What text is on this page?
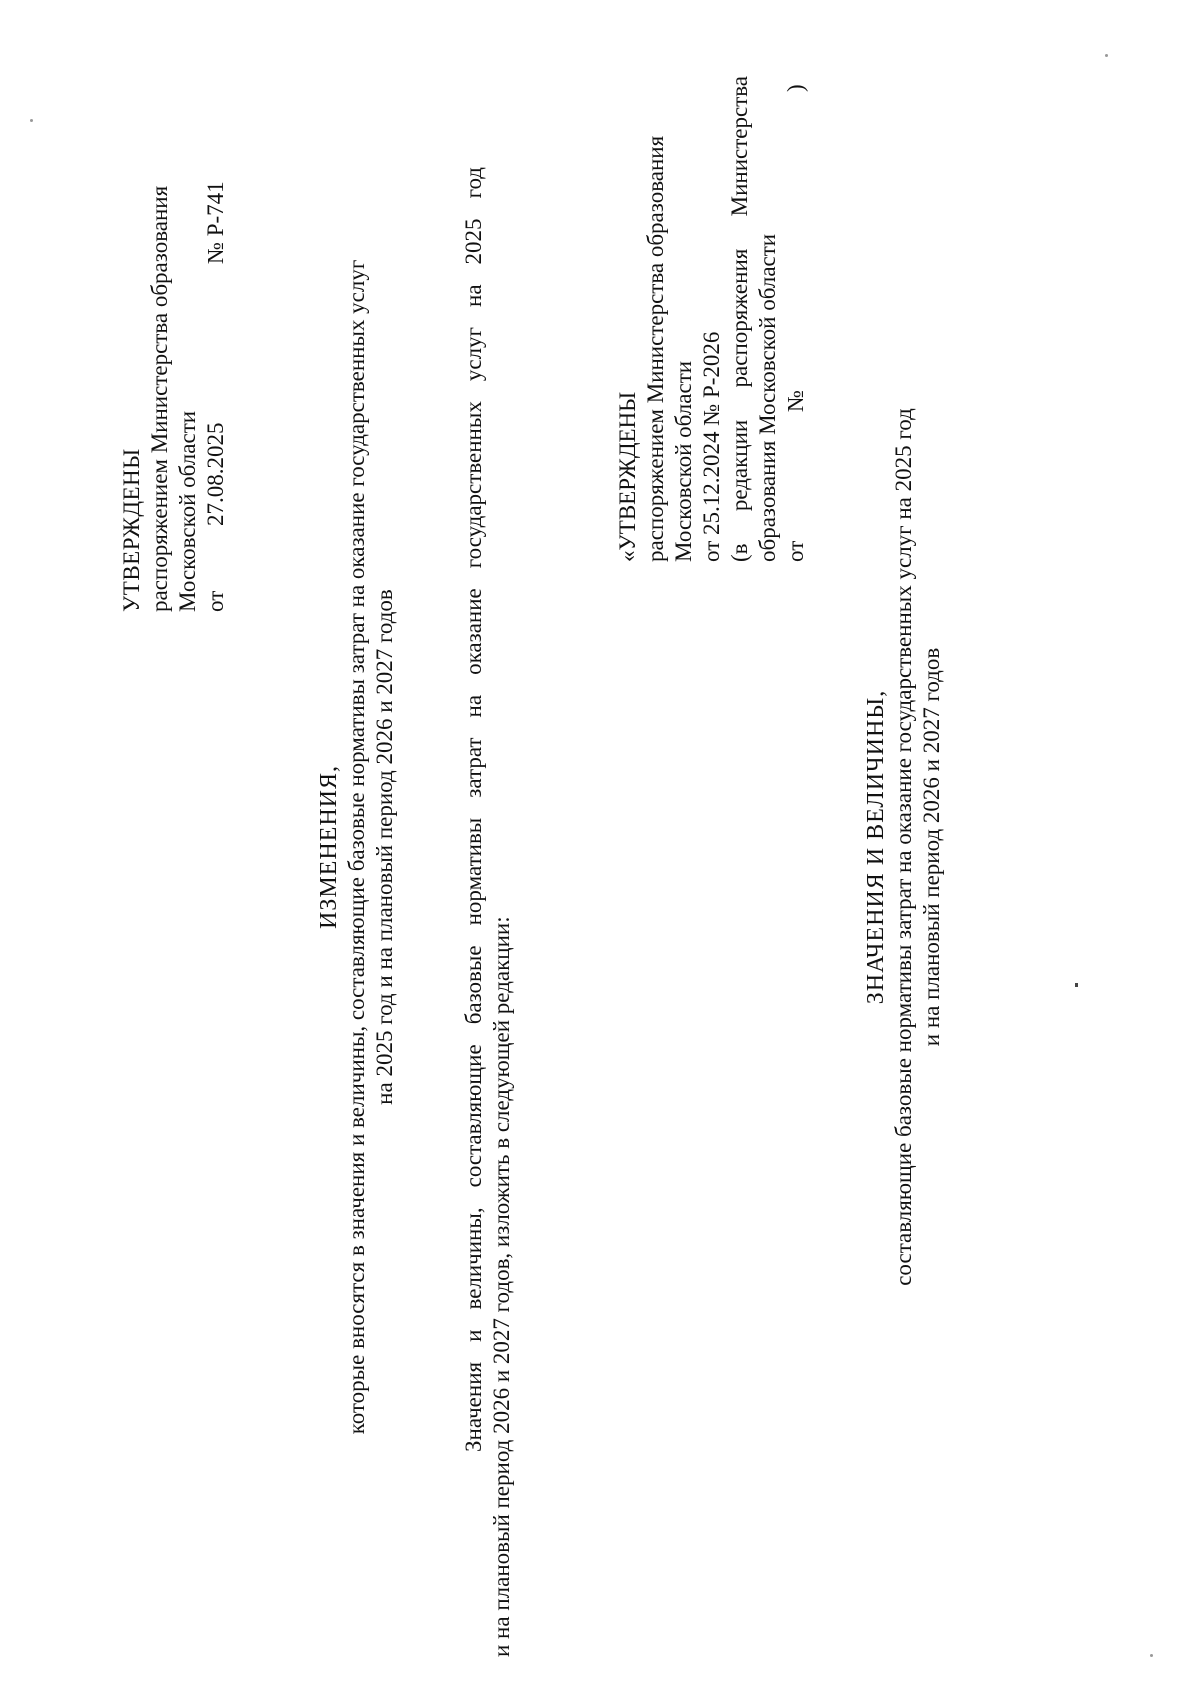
УТВЕРЖДЕНЫ распоряжением Министерства образования Московской области от
27.08.2025
№ Р-741
ИЗМЕНЕНИЯ, которые вносятся в значения и величины, составляющие базовые нормативы затрат на оказание государственных услуг на 2025 год и на плановый период 2026 и 2027 годов	Значения и величины, составляющие базовые нормативы затрат на оказание государственных услуг на 2025 год и на плановый период 2026 и 2027 годов, изложить в следующей редакции:
«УТВЕРЖДЕНЫ распоряжением Министерства образования Московской области от 25.12.2024 № Р-2026 (в редакции распоряжения Министерства образования Московской области от
№
)
ЗНАЧЕНИЯ И ВЕЛИЧИНЫ, составляющие базовые нормативы затрат на оказание государственных услуг на 2025 год и на плановый период 2026 и 2027 годов
